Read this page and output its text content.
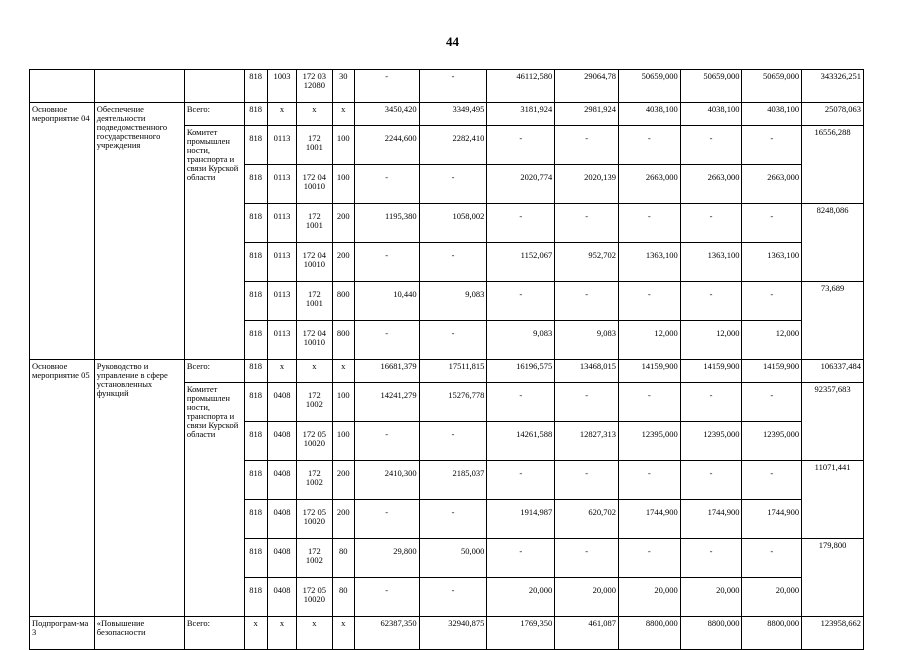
44
			818	1003	172 03 12080	30	-	-	46112,580	29064,78	50659,000	50659,000	50659,000	343326,251
Основное мероприятие 04	Обеспечение деятельности подведомственного государственного учреждения	Всего:	818	х	х	х	3450,420	3349,495	3181,924	2981,924	4038,100	4038,100	4038,100	25078,063
		Комитет промышлен ности, транспорта и связи Курской области	818	0113	172 1001	100	2244,600	2282,410	-	-	-	-	-	16556,288
			818	0113	172 04 10010	100	-	-	2020,774	2020,139	2663,000	2663,000	2663,000	
			818	0113	172 1001	200	1195,380	1058,002	-	-	-	-	-	8248,086
			818	0113	172 04 10010	200	-	-	1152,067	952,702	1363,100	1363,100	1363,100	
			818	0113	172 1001	800	10,440	9,083	-	-	-	-	-	73,689
			818	0113	172 04 10010	800	-	-	9,083	9,083	12,000	12,000	12,000	
Основное мероприятие 05	Руководство и управление в сфере установленных функций	Всего:	818	х	х	х	16681,379	17511,815	16196,575	13468,015	14159,900	14159,900	14159,900	106337,484
		Комитет промышлен ности, транспорта и связи Курской области	818	0408	172 1002	100	14241,279	15276,778	-	-	-	-	-	92357,683
			818	0408	172 05 10020	100	-	-	14261,588	12827,313	12395,000	12395,000	12395,000	
			818	0408	172 1002	200	2410,300	2185,037	-	-	-	-	-	11071,441
			818	0408	172 05 10020	200	-	-	1914,987	620,702	1744,900	1744,900	1744,900	
			818	0408	172 1002	80	29,800	50,000	-	-	-	-	-	179,800
			818	0408	172 05 10020	80	-	-	20,000	20,000	20,000	20,000	20,000	
Подпрограм-ма 3	«Повышение безопасности	Всего:	х	х	х	х	62387,350	32940,875	1769,350	461,087	8800,000	8800,000	8800,000	123958,662
